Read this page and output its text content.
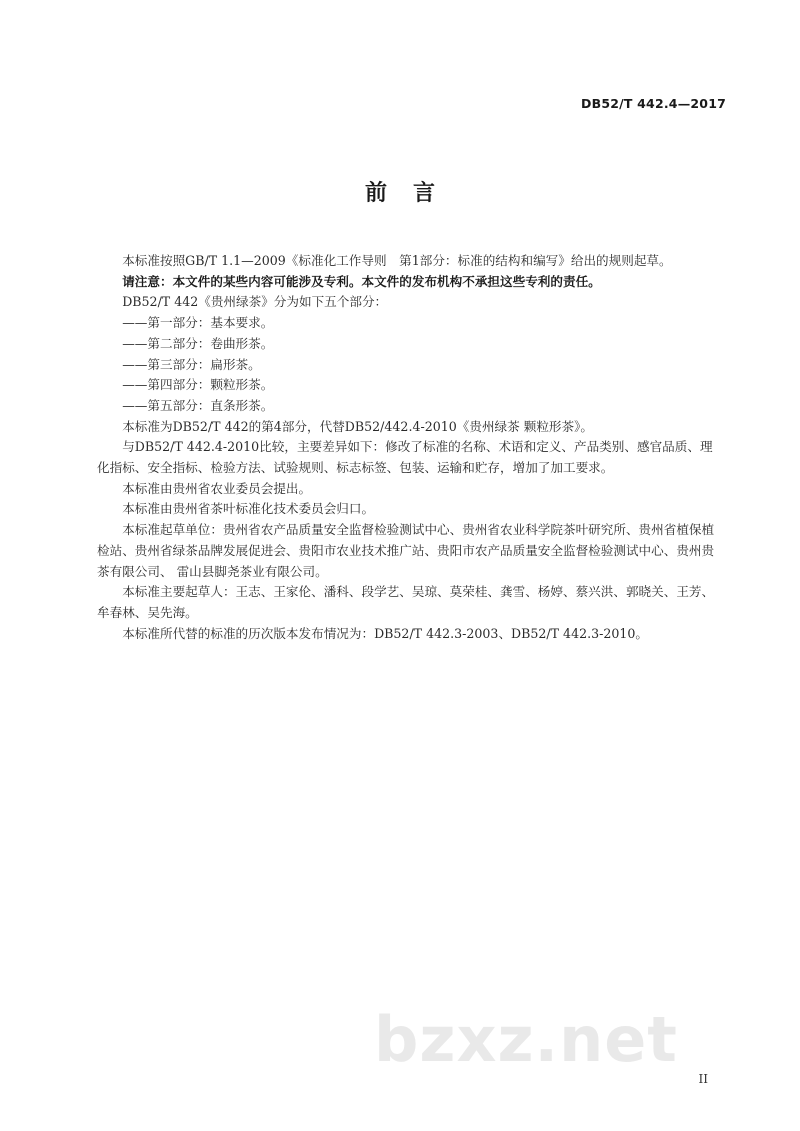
DB52/T 442.4—2017
前言

本标准按照GB/T 1.1—2009《标准化工作导则　第1部分：标准的结构和编写》给出的规则起草。

请注意：本文件的某些内容可能涉及专利。本文件的发布机构不承担这些专利的责任。

DB52/T 442《贵州绿茶》分为如下五个部分：

——第一部分：基本要求。
——第二部分：卷曲形茶。
——第三部分：扁形茶。
——第四部分：颗粒形茶。
——第五部分：直条形茶。

本标准为DB52/T 442的第4部分，代替DB52/442.4-2010《贵州绿茶 颗粒形茶》。

与DB52/T 442.4-2010比较，主要差异如下：修改了标准的名称、术语和定义、产品类别、感官品质、理化指标、安全指标、检验方法、试验规则、标志标签、包装、运输和贮存，增加了加工要求。

本标准由贵州省农业委员会提出。

本标准由贵州省茶叶标准化技术委员会归口。

本标准起草单位：贵州省农产品质量安全监督检验测试中心、贵州省农业科学院茶叶研究所、贵州省植保植检站、贵州省绿茶品牌发展促进会、贵阳市农业技术推广站、贵阳市农产品质量安全监督检验测试中心、贵州贵茶有限公司、 雷山县脚尧茶业有限公司。

本标准主要起草人：王志、王家伦、潘科、段学艺、吴琼、莫荣桂、龚雪、杨婷、蔡兴洪、郭晓关、王芳、牟春林、吴先海。

本标准所代替的标准的历次版本发布情况为：DB52/T 442.3-2003、DB52/T 442.3-2010。

bzxz.net
II
